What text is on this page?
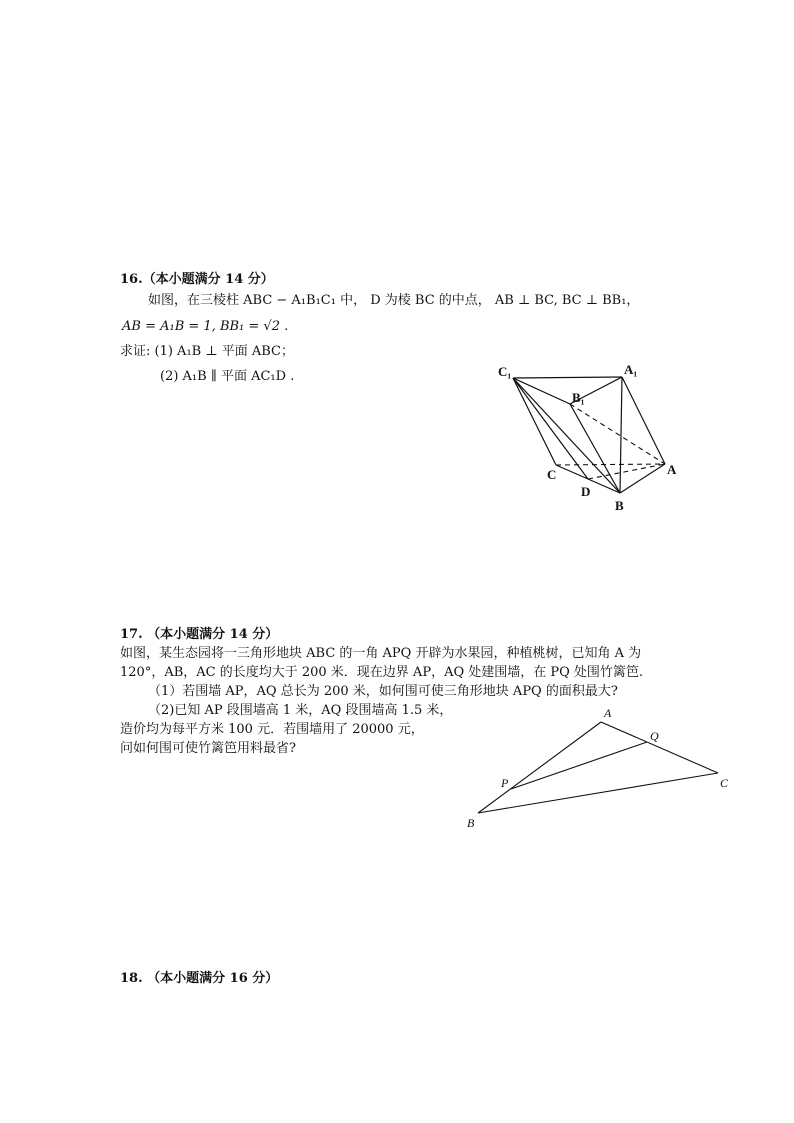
16.（本小题满分 14 分）
如图，在三棱柱 ABC − A₁B₁C₁ 中， D 为棱 BC 的中点， AB ⊥ BC, BC ⊥ BB₁，
AB = A₁B = 1, BB₁ = √2 .
求证: (1) A₁B ⊥ 平面 ABC；
(2) A₁B ∥ 平面 AC₁D .	C₁	A₁
B₁
A
C
D
B
17. （本小题满分 14 分）
如图，某生态园将一三角形地块 ABC 的一角 APQ 开辟为水果园，种植桃树，已知角 A 为
120°，AB，AC 的长度均大于 200 米．现在边界 AP，AQ 处建围墙，在 PQ 处围竹篱笆.
（1）若围墙 AP，AQ 总长为 200 米，如何围可使三角形地块 APQ 的面积最大?
（2)已知 AP 段围墙高 1 米，AQ 段围墙高 1.5 米，
造价均为每平方米 100 元．若围墙用了 20000 元，
问如何围可使竹篱笆用料最省?
A
Q
P	C
B
18. （本小题满分 16 分）
